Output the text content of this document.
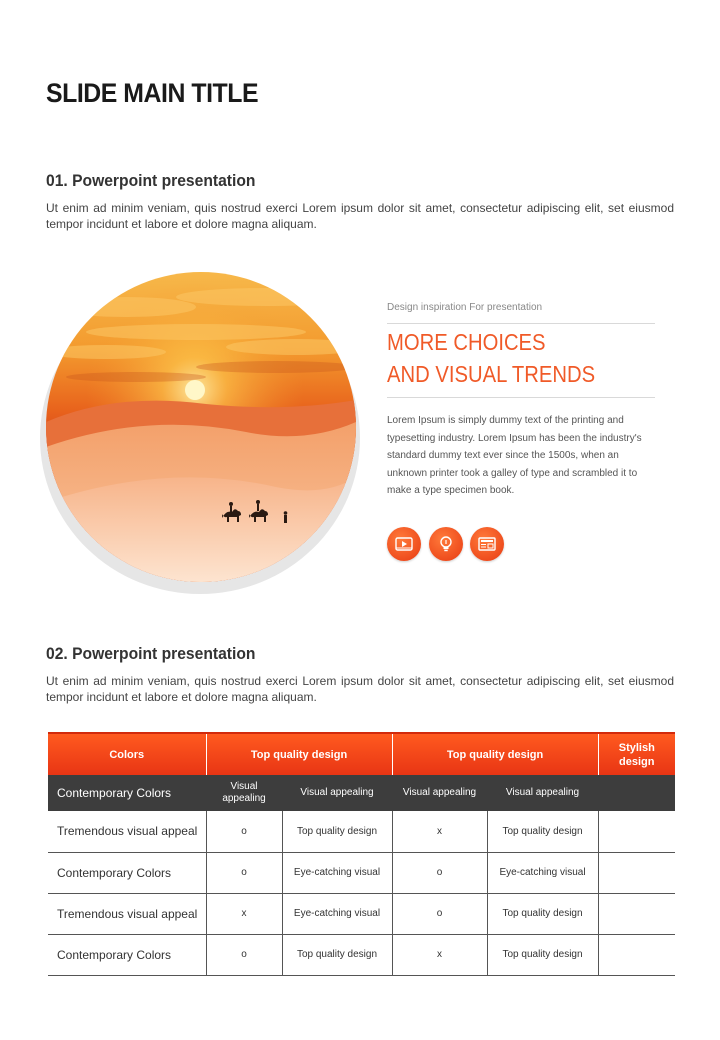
SLIDE MAIN TITLE
01. Powerpoint presentation
Ut enim ad minim veniam, quis nostrud exerci Lorem ipsum dolor sit amet, consectetur adipiscing elit, set eiusmod tempor incidunt et labore et dolore magna aliquam.
Design inspiration For presentation
MORE CHOICES
AND VISUAL TRENDS
Lorem Ipsum is simply dummy text of the printing and typesetting industry. Lorem Ipsum has been the industry's standard dummy text ever since the 1500s, when an unknown printer took a galley of type and scrambled it to make a type specimen book.
02. Powerpoint presentation
Ut enim ad minim veniam, quis nostrud exerci Lorem ipsum dolor sit amet, consectetur adipiscing elit, set eiusmod tempor incidunt et labore et dolore magna aliquam.
Colors	Top quality design		Top quality design		Stylish design
Contemporary Colors	Visual appealing	Visual appealing	Visual appealing	Visual appealing	
Tremendous visual appeal	o	Top quality design	x	Top quality design	
Contemporary Colors	o	Eye-catching visual	o	Eye-catching visual	
Tremendous visual appeal	x	Eye-catching visual	o	Top quality design	
Contemporary Colors	o	Top quality design	x	Top quality design	
